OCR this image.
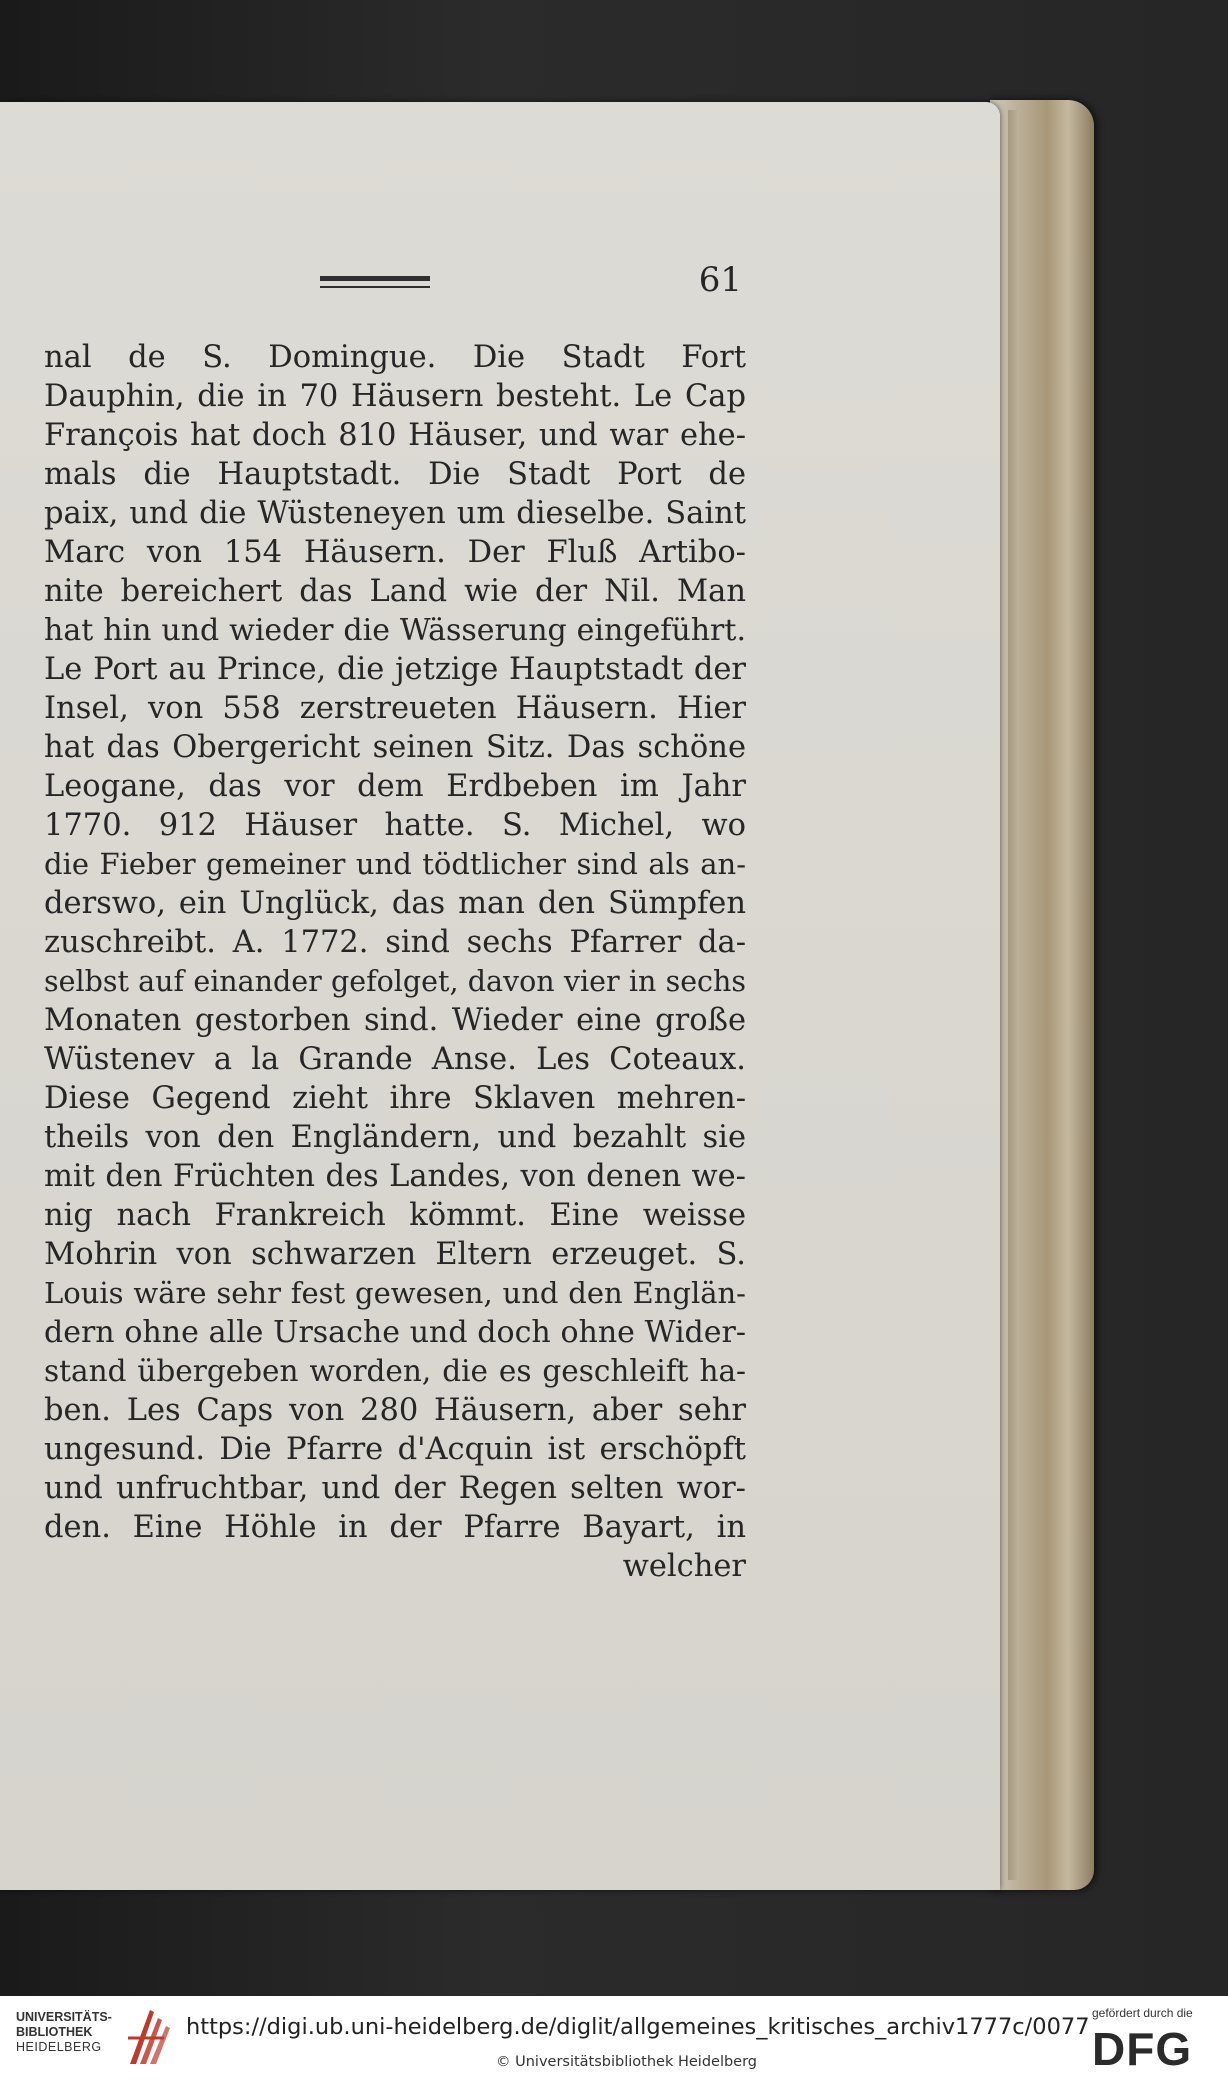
61
nal de S. Domingue. Die Stadt Fort
Dauphin, die in 70 Häusern besteht. Le Cap
François hat doch 810 Häuser, und war ehe-
mals die Hauptstadt. Die Stadt Port de
paix, und die Wüsteneyen um dieselbe. Saint
Marc von 154 Häusern. Der Fluß Artibo-
nite bereichert das Land wie der Nil. Man
hat hin und wieder die Wässerung eingeführt.
Le Port au Prince, die jetzige Hauptstadt der
Insel, von 558 zerstreueten Häusern. Hier
hat das Obergericht seinen Sitz. Das schöne
Leogane, das vor dem Erdbeben im Jahr
1770. 912 Häuser hatte. S. Michel, wo
die Fieber gemeiner und tödtlicher sind als an-
derswo, ein Unglück, das man den Sümpfen
zuschreibt. A. 1772. sind sechs Pfarrer da-
selbst auf einander gefolget, davon vier in sechs
Monaten gestorben sind. Wieder eine große
Wüstenev a la Grande Anse. Les Coteaux.
Diese Gegend zieht ihre Sklaven mehren-
theils von den Engländern, und bezahlt sie
mit den Früchten des Landes, von denen we-
nig nach Frankreich kömmt. Eine weisse
Mohrin von schwarzen Eltern erzeuget. S.
Louis wäre sehr fest gewesen, und den Englän-
dern ohne alle Ursache und doch ohne Wider-
stand übergeben worden, die es geschleift ha-
ben. Les Caps von 280 Häusern, aber sehr
ungesund. Die Pfarre d'Acquin ist erschöpft
und unfruchtbar, und der Regen selten wor-
den. Eine Höhle in der Pfarre Bayart, in
welcher
UNIVERSITÄTS-
BIBLIOTHEK
HEIDELBERG
https://digi.ub.uni-heidelberg.de/diglit/allgemeines_kritisches_archiv1777c/0077
© Universitätsbibliothek Heidelberg
gefördert durch die
DFG
